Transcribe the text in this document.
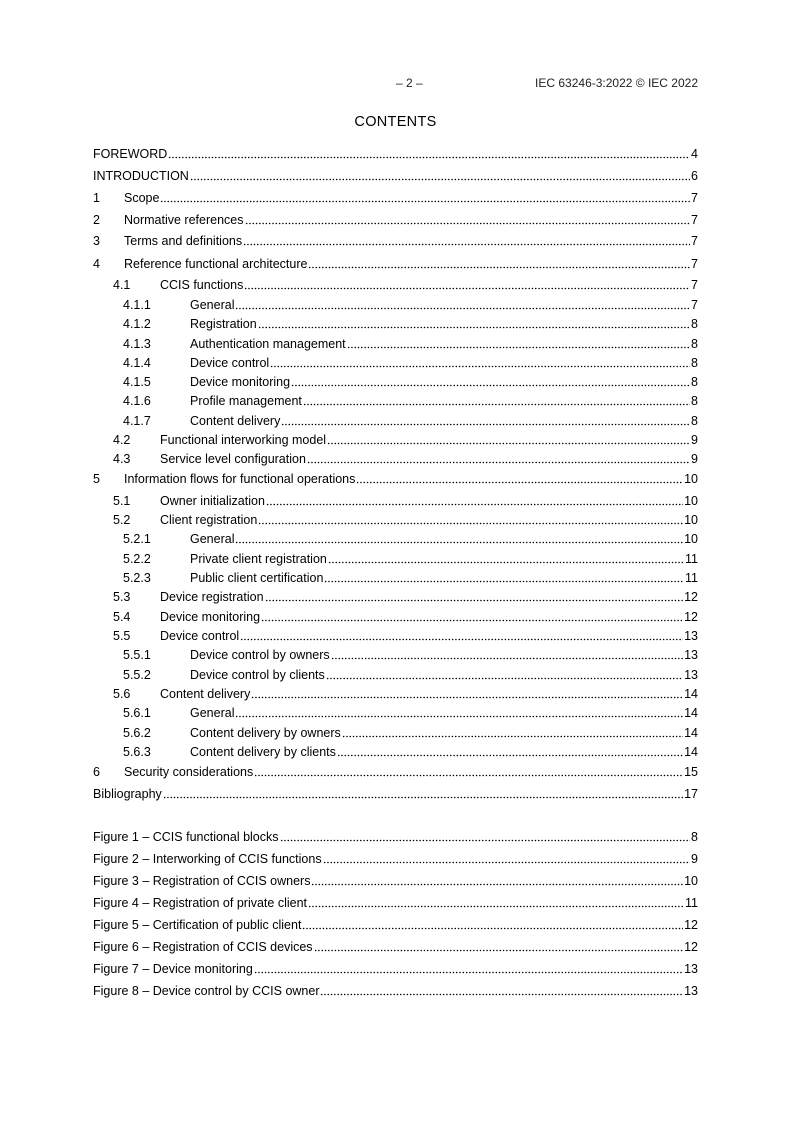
– 2 –	IEC 63246-3:2022 © IEC 2022
CONTENTS
FOREWORD	4
INTRODUCTION	6
1	Scope	7
2	Normative references	7
3	Terms and definitions	7
4	Reference functional architecture	7
4.1	CCIS functions	7
4.1.1	General	7
4.1.2	Registration	8
4.1.3	Authentication management	8
4.1.4	Device control	8
4.1.5	Device monitoring	8
4.1.6	Profile management	8
4.1.7	Content delivery	8
4.2	Functional interworking model	9
4.3	Service level configuration	9
5	Information flows for functional operations	10
5.1	Owner initialization	10
5.2	Client registration	10
5.2.1	General	10
5.2.2	Private client registration	11
5.2.3	Public client certification	11
5.3	Device registration	12
5.4	Device monitoring	12
5.5	Device control	13
5.5.1	Device control by owners	13
5.5.2	Device control by clients	13
5.6	Content delivery	14
5.6.1	General	14
5.6.2	Content delivery by owners	14
5.6.3	Content delivery by clients	14
6	Security considerations	15
Bibliography	17
Figure 1 – CCIS functional blocks	8
Figure 2 – Interworking of CCIS functions	9
Figure 3 – Registration of CCIS owners	10
Figure 4 – Registration of private client	11
Figure 5 – Certification of public client	12
Figure 6 – Registration of CCIS devices	12
Figure 7 – Device monitoring	13
Figure 8 – Device control by CCIS owner	13
